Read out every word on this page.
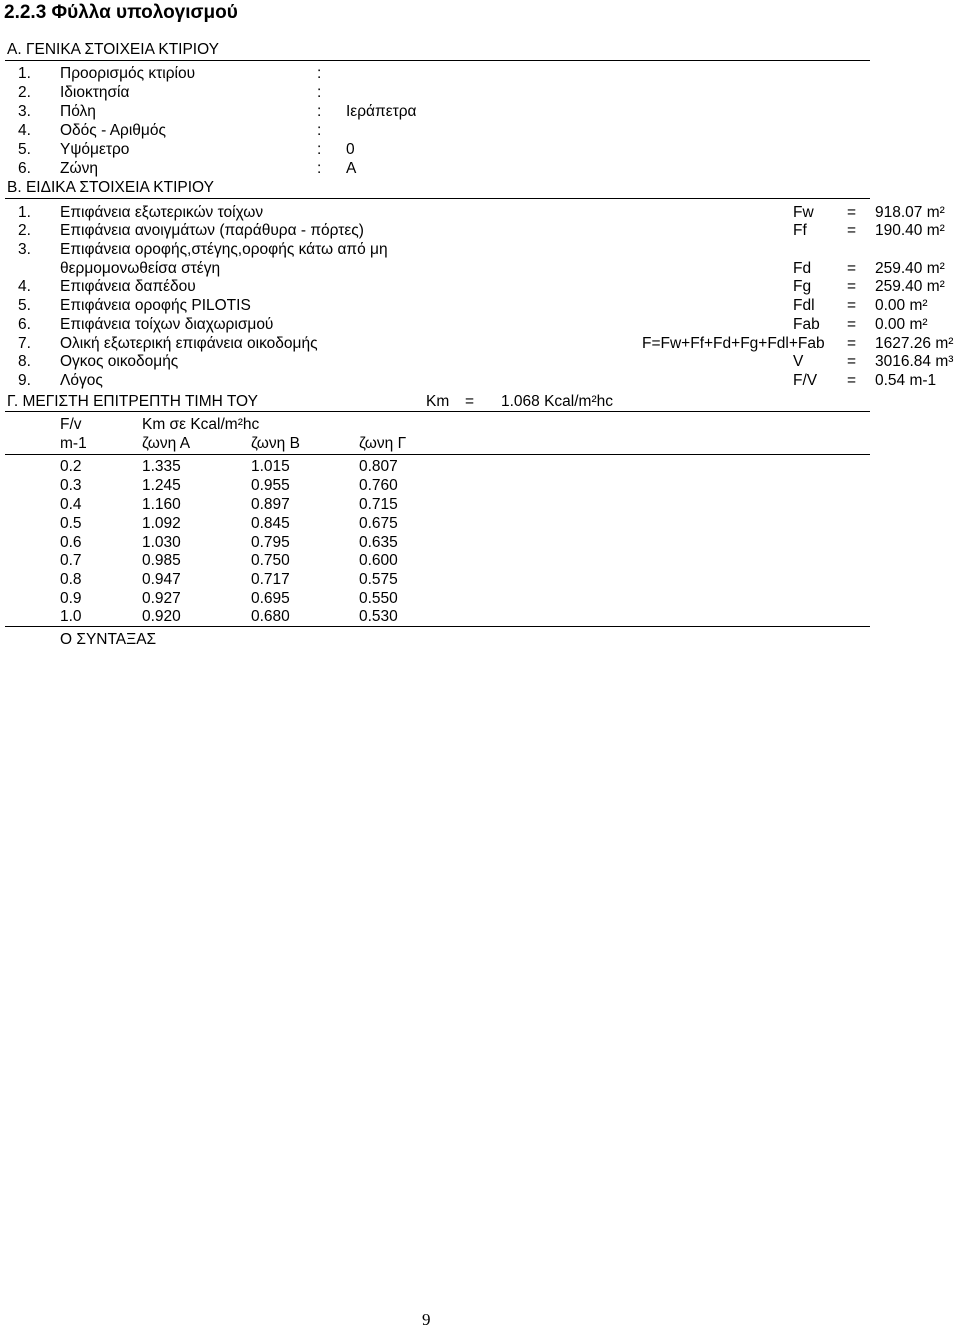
2.2.3 Φύλλα υπολογισμού
Α. ΓΕΝΙΚΑ ΣΤΟΙΧΕΙΑ ΚΤΙΡΙΟΥ
1. Προορισμός κτιρίου	:
2. Ιδιοκτησία	:
3. Πόλη	: Ιεράπετρα
4. Οδός - Αριθμός	:
5. Υψόμετρο	: 0
6. Ζώνη	: Α
Β. ΕΙΔΙΚΑ ΣΤΟΙΧΕΙΑ ΚΤΙΡΙΟΥ
1. Επιφάνεια εξωτερικών τοίχων	Fw = 918.07 m²
2. Επιφάνεια ανοιγμάτων (παράθυρα - πόρτες)	Ff	= 190.40 m²
3. Επιφάνεια οροφής,στέγης,οροφής κάτω από μη
θερμομονωθείσα στέγη	Fd = 259.40 m²
4. Επιφάνεια δαπέδου	Fg = 259.40 m²
5. Επιφάνεια οροφής PILOTIS	Fdl = 0.00 m²
6. Επιφάνεια τοίχων διαχωρισμού	Fab = 0.00 m²
7. Ολική εξωτερική επιφάνεια οικοδομής	F=Fw+Ff+Fd+Fg+Fdl+Fab = 1627.26 m²
8. Ογκος οικοδομής	V	= 3016.84 m³
9. Λόγος	F/V = 0.54 m-1
Γ. ΜΕΓΙΣΤΗ ΕΠΙΤΡΕΠΤΗ ΤΙΜΗ ΤΟΥ	Km = 1.068 Kcal/m²hc
F/v	Km σε Kcal/m²hc
m-1	ζωνη Α	ζωνη Β	ζωνη Γ
0.2	1.335	1.015	0.807
0.3	1.245	0.955	0.760
0.4	1.160	0.897	0.715
0.5	1.092	0.845	0.675
0.6	1.030	0.795	0.635
0.7	0.985	0.750	0.600
0.8	0.947	0.717	0.575
0.9	0.927	0.695	0.550
1.0	0.920	0.680	0.530
Ο ΣΥΝΤΑΞΑΣ
9
